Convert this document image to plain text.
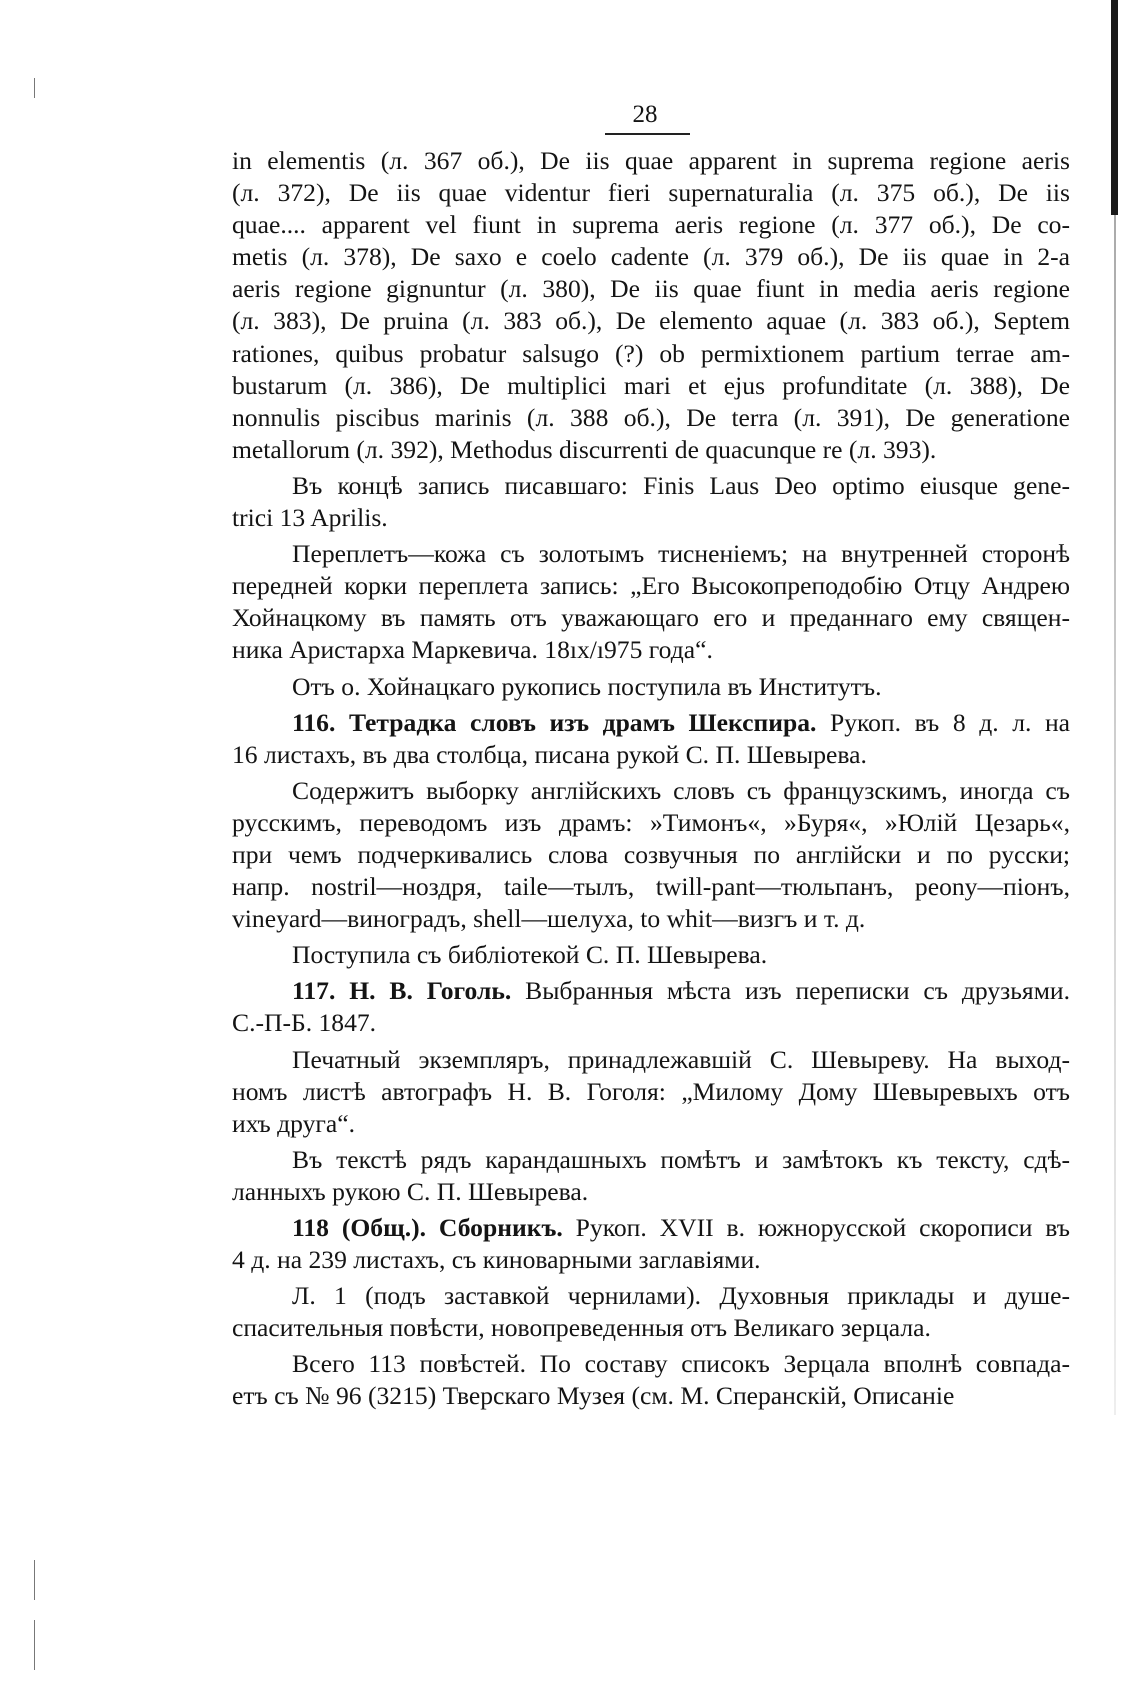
28
in elementis (л. 367 об.), De iis quae apparent in suprema regione aeris
(л. 372), De iis quae videntur fieri supernaturalia (л. 375 об.), De iis
quae.... apparent vel fiunt in suprema aeris regione (л. 377 об.), De co-
metis (л. 378), De saxo e coelo cadente (л. 379 об.), De iis quae in 2-a
aeris regione gignuntur (л. 380), De iis quae fiunt in media aeris regione
(л. 383), De pruina (л. 383 об.), De elemento aquae (л. 383 об.), Septem
rationes, quibus probatur salsugo (?) ob permixtionem partium terrae am-
bustarum (л. 386), De multiplici mari et ejus profunditate (л. 388), De
nonnulis piscibus marinis (л. 388 об.), De terra (л. 391), De generatione
metallorum (л. 392), Methodus discurrenti de quacunque re (л. 393).
Въ концѣ запись писавшаго: Finis Laus Deo optimo eiusque gene-
trici 13 Aprilis.
Переплетъ—кожа съ золотымъ тисненіемъ; на внутренней сторонѣ
передней корки переплета запись: „Его Высокопреподобію Отцу Андрею
Хойнацкому въ память отъ уважающаго его и преданнаго ему священ-
ника Аристарха Маркевича. 18ıx/ı975 года“.
Отъ о. Хойнацкаго рукопись поступила въ Институтъ.
116. Тетрадка словъ изъ драмъ Шекспира. Рукоп. въ 8 д. л. на
16 листахъ, въ два столбца, писана рукой С. П. Шевырева.
Содержитъ выборку англійскихъ словъ съ французскимъ, иногда съ
русскимъ, переводомъ изъ драмъ: »Тимонъ«, »Буря«, »Юлій Цезарь«,
при чемъ подчеркивались слова созвучныя по англійски и по русски;
напр. nostril—ноздря, taile—тылъ, twill-pant—тюльпанъ, peony—піонъ,
vineyard—виноградъ, shell—шелуха, to whit—визгъ и т. д.
Поступила съ библіотекой С. П. Шевырева.
117. Н. В. Гоголь. Выбранныя мѣста изъ переписки съ друзьями.
С.-П-Б. 1847.
Печатный экземпляръ, принадлежавшій С. Шевыреву. На выход-
номъ листѣ автографъ Н. В. Гоголя: „Милому Дому Шевыревыхъ отъ
ихъ друга“.
Въ текстѣ рядъ карандашныхъ помѣтъ и замѣтокъ къ тексту, сдѣ-
ланныхъ рукою С. П. Шевырева.
118 (Общ.). Сборникъ. Рукоп. XVII в. южнорусской скорописи въ
4 д. на 239 листахъ, съ киноварными заглавіями.
Л. 1 (подъ заставкой чернилами). Духовныя приклады и душе-
спасительныя повѣсти, новопреведенныя отъ Великаго зерцала.
Всего 113 повѣстей. По составу списокъ Зерцала вполнѣ совпада-
етъ съ № 96 (3215) Тверскаго Музея (см. М. Сперанскій, Описаніе
